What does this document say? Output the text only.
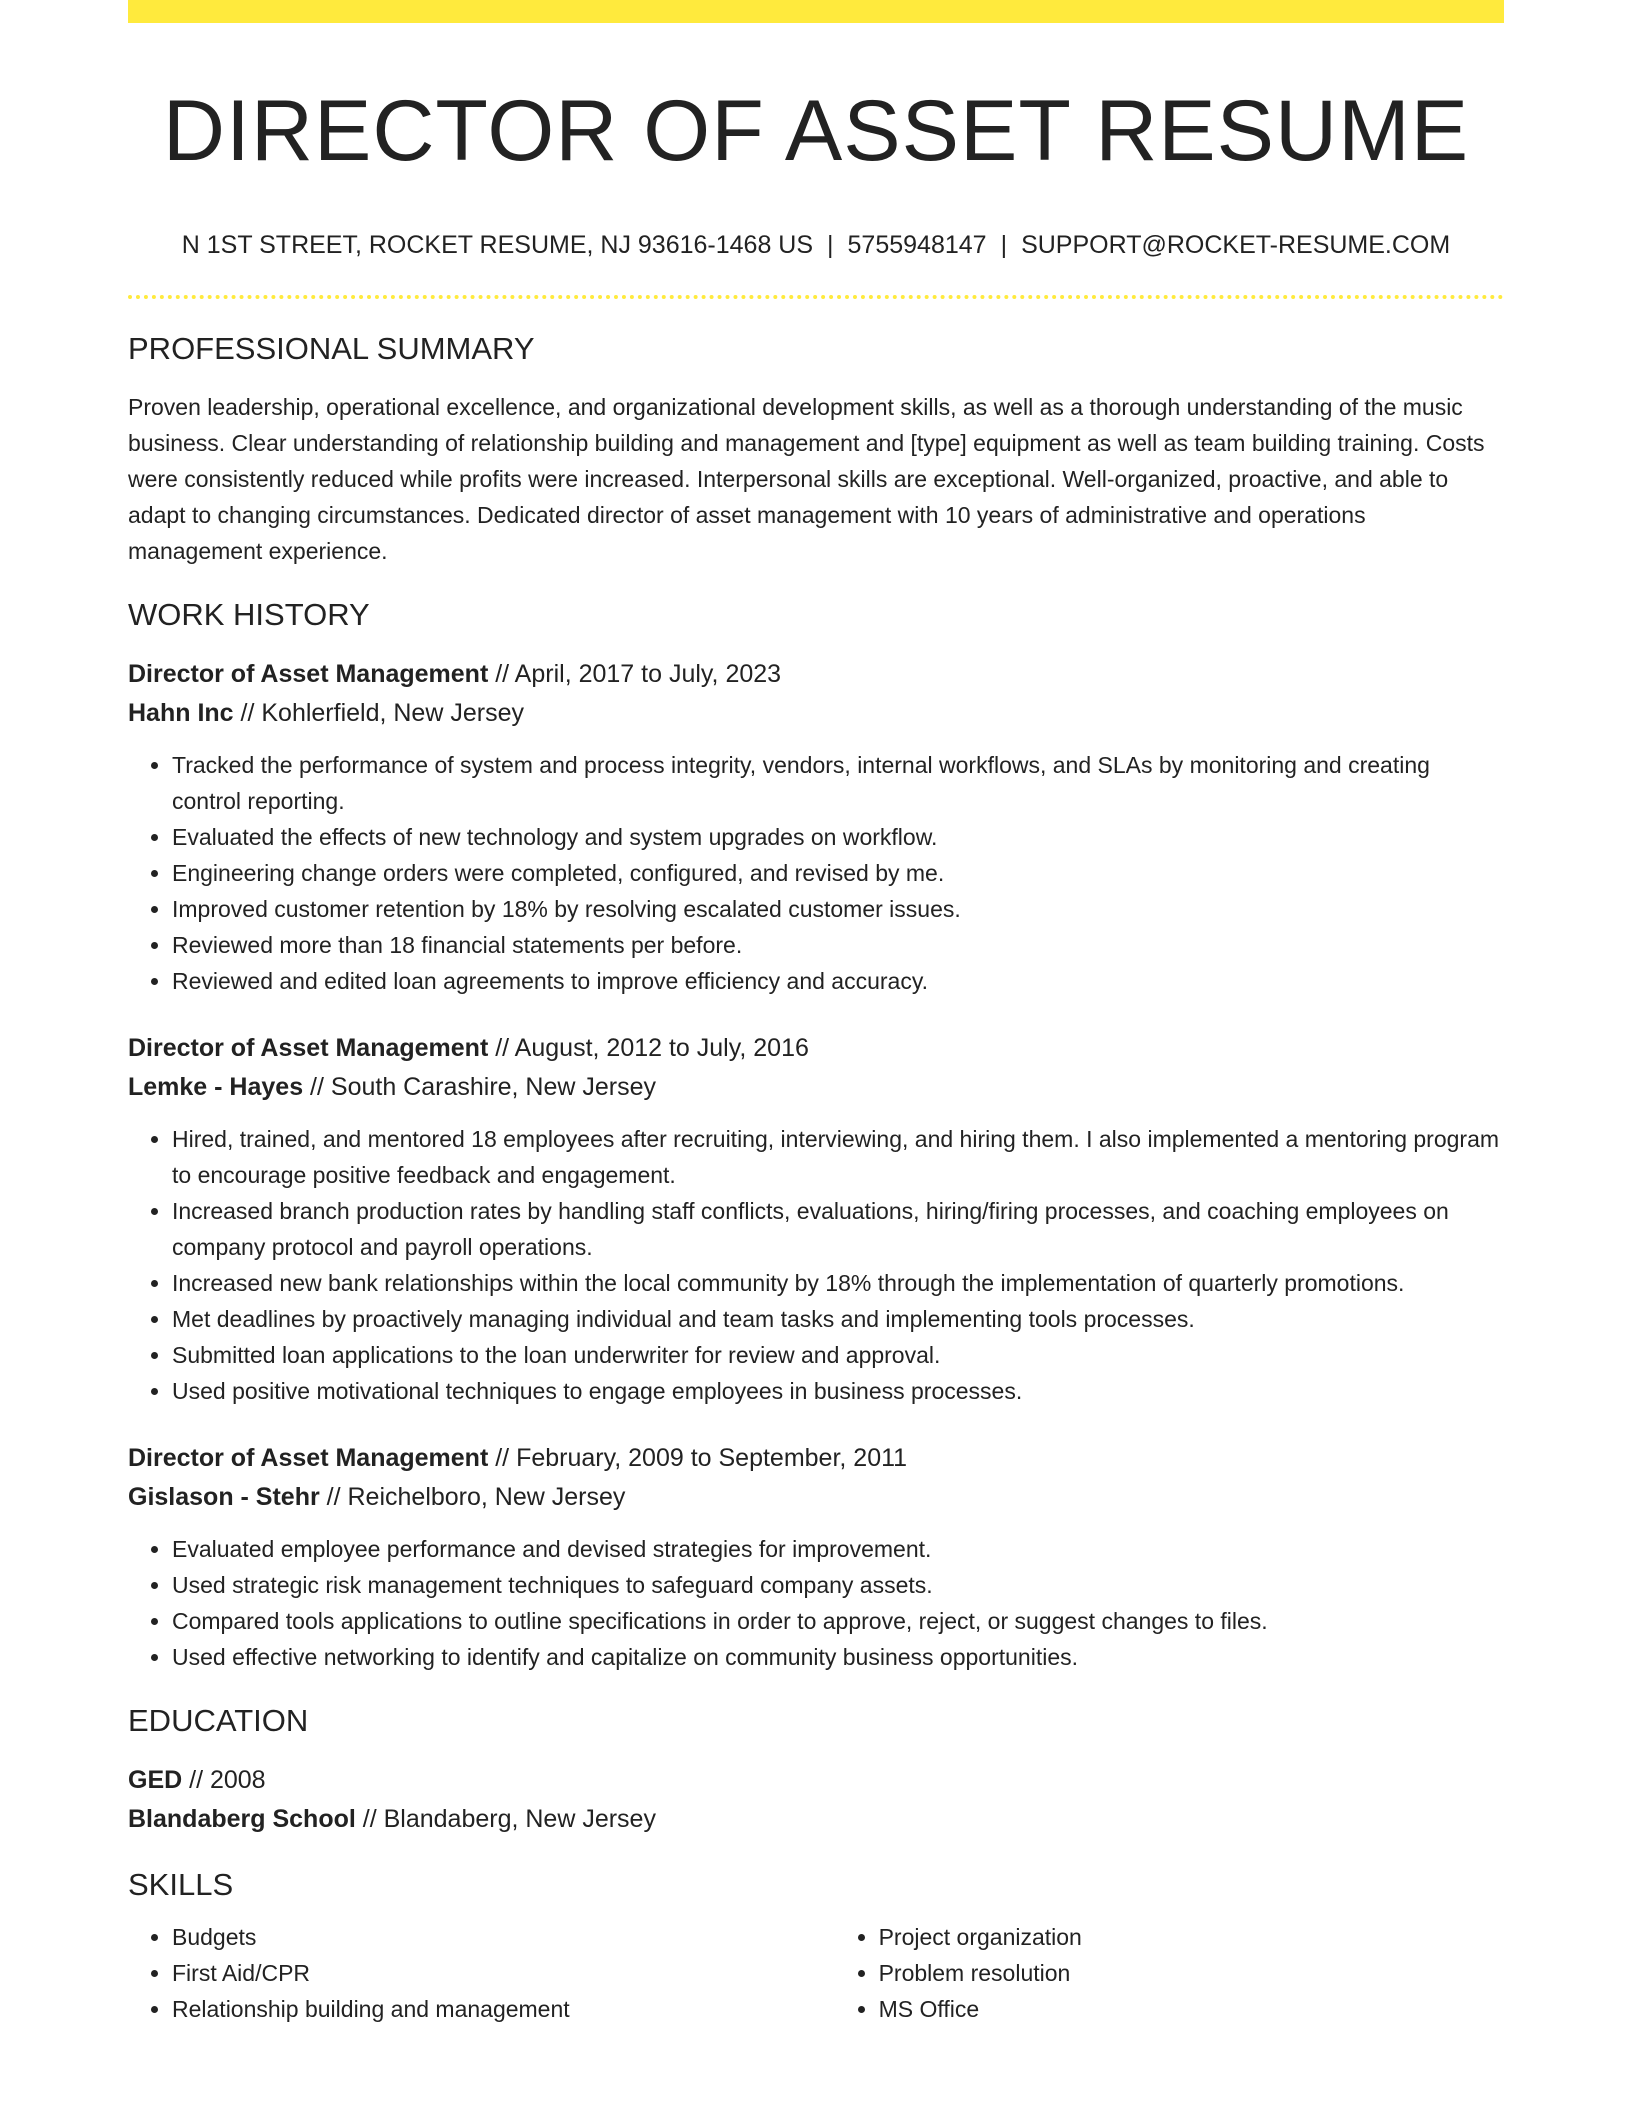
DIRECTOR OF ASSET RESUME
N 1ST STREET, ROCKET RESUME, NJ 93616-1468 US | 5755948147 | SUPPORT@ROCKET-RESUME.COM
PROFESSIONAL SUMMARY
Proven leadership, operational excellence, and organizational development skills, as well as a thorough understanding of the music business. Clear understanding of relationship building and management and [type] equipment as well as team building training. Costs were consistently reduced while profits were increased. Interpersonal skills are exceptional. Well-organized, proactive, and able to adapt to changing circumstances. Dedicated director of asset management with 10 years of administrative and operations management experience.
WORK HISTORY
Director of Asset Management // April, 2017 to July, 2023
Hahn Inc // Kohlerfield, New Jersey
• Tracked the performance of system and process integrity, vendors, internal workflows, and SLAs by monitoring and creating control reporting.
• Evaluated the effects of new technology and system upgrades on workflow.
• Engineering change orders were completed, configured, and revised by me.
• Improved customer retention by 18% by resolving escalated customer issues.
• Reviewed more than 18 financial statements per before.
• Reviewed and edited loan agreements to improve efficiency and accuracy.
Director of Asset Management // August, 2012 to July, 2016
Lemke - Hayes // South Carashire, New Jersey
• Hired, trained, and mentored 18 employees after recruiting, interviewing, and hiring them. I also implemented a mentoring program to encourage positive feedback and engagement.
• Increased branch production rates by handling staff conflicts, evaluations, hiring/firing processes, and coaching employees on company protocol and payroll operations.
• Increased new bank relationships within the local community by 18% through the implementation of quarterly promotions.
• Met deadlines by proactively managing individual and team tasks and implementing tools processes.
• Submitted loan applications to the loan underwriter for review and approval.
• Used positive motivational techniques to engage employees in business processes.
Director of Asset Management // February, 2009 to September, 2011
Gislason - Stehr // Reichelboro, New Jersey
• Evaluated employee performance and devised strategies for improvement.
• Used strategic risk management techniques to safeguard company assets.
• Compared tools applications to outline specifications in order to approve, reject, or suggest changes to files.
• Used effective networking to identify and capitalize on community business opportunities.
EDUCATION
GED // 2008
Blandaberg School // Blandaberg, New Jersey
SKILLS
• Budgets
• First Aid/CPR
• Relationship building and management
• Project organization
• Problem resolution
• MS Office
